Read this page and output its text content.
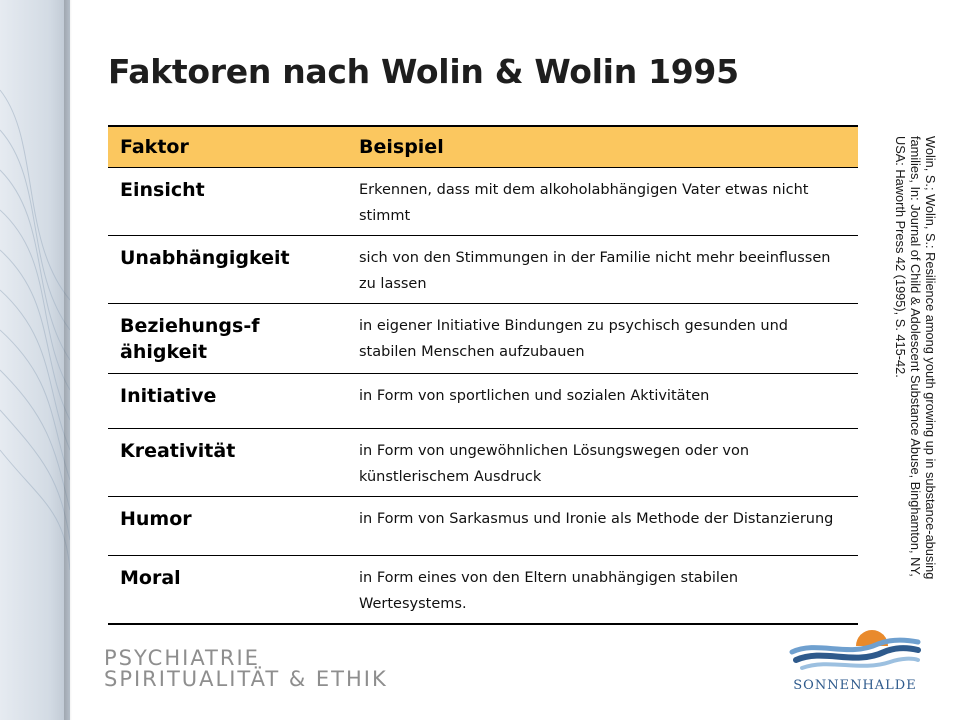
Faktoren nach Wolin & Wolin 1995
Faktor	Beispiel
Einsicht	Erkennen, dass mit dem alkoholabhängigen Vater etwas nicht stimmt
Unabhängigkeit	sich von den Stimmungen in der Familie nicht mehr beeinflussen zu lassen

Beziehungs-fähigkeit	in eigener Initiative Bindungen zu psychisch gesunden und stabilen Menschen aufzubauen
Initiative	in Form von sportlichen und sozialen Aktivitäten
Kreativität	in Form von ungewöhnlichen Lösungswegen oder von künstlerischem Ausdruck
Humor	in Form von Sarkasmus und Ironie als Methode der Distanzierung
Moral	in Form eines von den Eltern unabhängigen stabilen Wertesystems.
Wolin, S.; Wolin, S.: Resilience among youth growing up in substance-abusing families, In: Journal of Child & Adolescent Substance Abuse, Binghamton, NY, USA: Haworth Press 42 (1995), S. 415-42.
PSYCHIATRIE
SPIRITUALITÄT & ETHIK	SONNENHALDE
